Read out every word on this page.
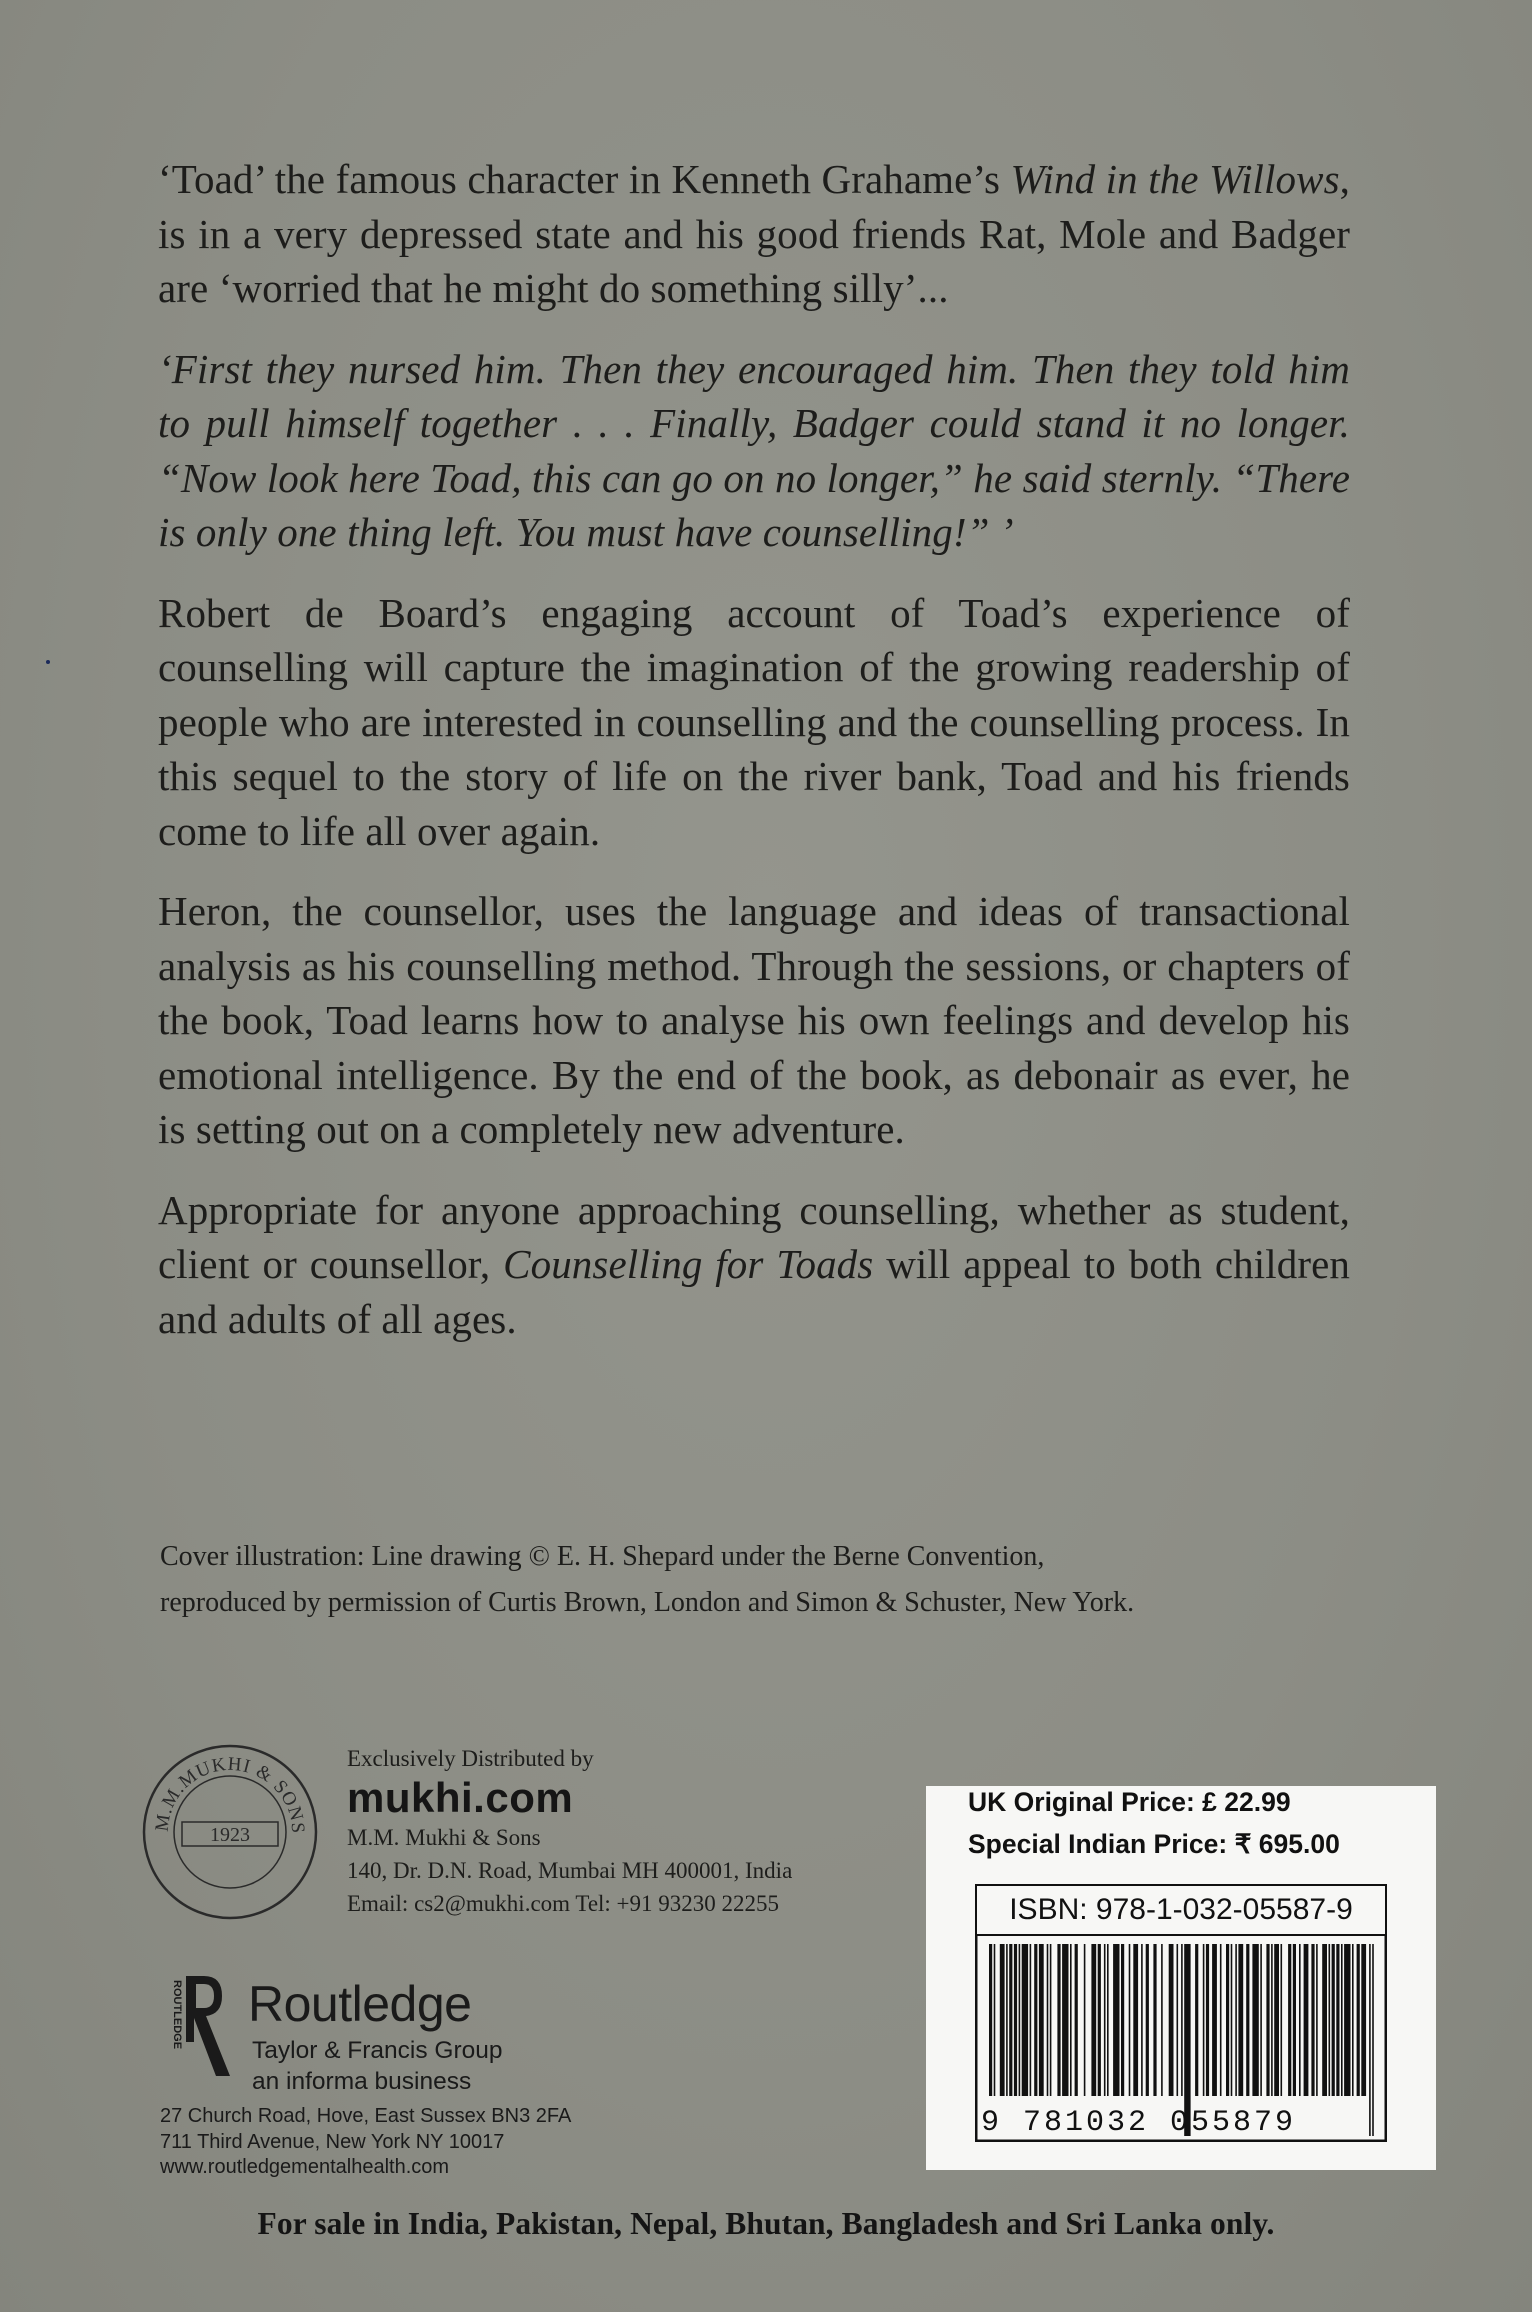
‘Toad’ the famous character in Kenneth Grahame’s Wind in the Willows, is in a very depressed state and his good friends Rat, Mole and Badger are ‘worried that he might do something silly’...

‘First they nursed him. Then they encouraged him. Then they told him to pull himself together . . . Finally, Badger could stand it no longer. “Now look here Toad, this can go on no longer,” he said sternly. “There is only one thing left. You must have counselling!” ’

Robert de Board’s engaging account of Toad’s experience of counselling will capture the imagination of the growing readership of people who are interested in counselling and the counselling process. In this sequel to the story of life on the river bank, Toad and his friends come to life all over again.

Heron, the counsellor, uses the language and ideas of transactional analysis as his counselling method. Through the sessions, or chapters of the book, Toad learns how to analyse his own feelings and develop his emotional intelligence. By the end of the book, as debonair as ever, he is setting out on a completely new adventure.

Appropriate for anyone approaching counselling, whether as student, client or counsellor, Counselling for Toads will appeal to both children and adults of all ages.

Cover illustration: Line drawing © E. H. Shepard under the Berne Convention,
reproduced by permission of Curtis Brown, London and Simon & Schuster, New York.
M.M.MUKHI & SONS
1923
Exclusively Distributed by
mukhi.com
M.M. Mukhi & Sons
140, Dr. D.N. Road, Mumbai MH 400001, India
Email: cs2@mukhi.com Tel: +91 93230 22255
ROUTLEDGE Routledge
Taylor & Francis Group
an informa business
27 Church Road, Hove, East Sussex BN3 2FA
711 Third Avenue, New York NY 10017
www.routledgementalhealth.com
UK Original Price: £ 22.99
Special Indian Price: ₹ 695.00
ISBN: 978-1-032-05587-9
9 781032 055879
For sale in India, Pakistan, Nepal, Bhutan, Bangladesh and Sri Lanka only.
